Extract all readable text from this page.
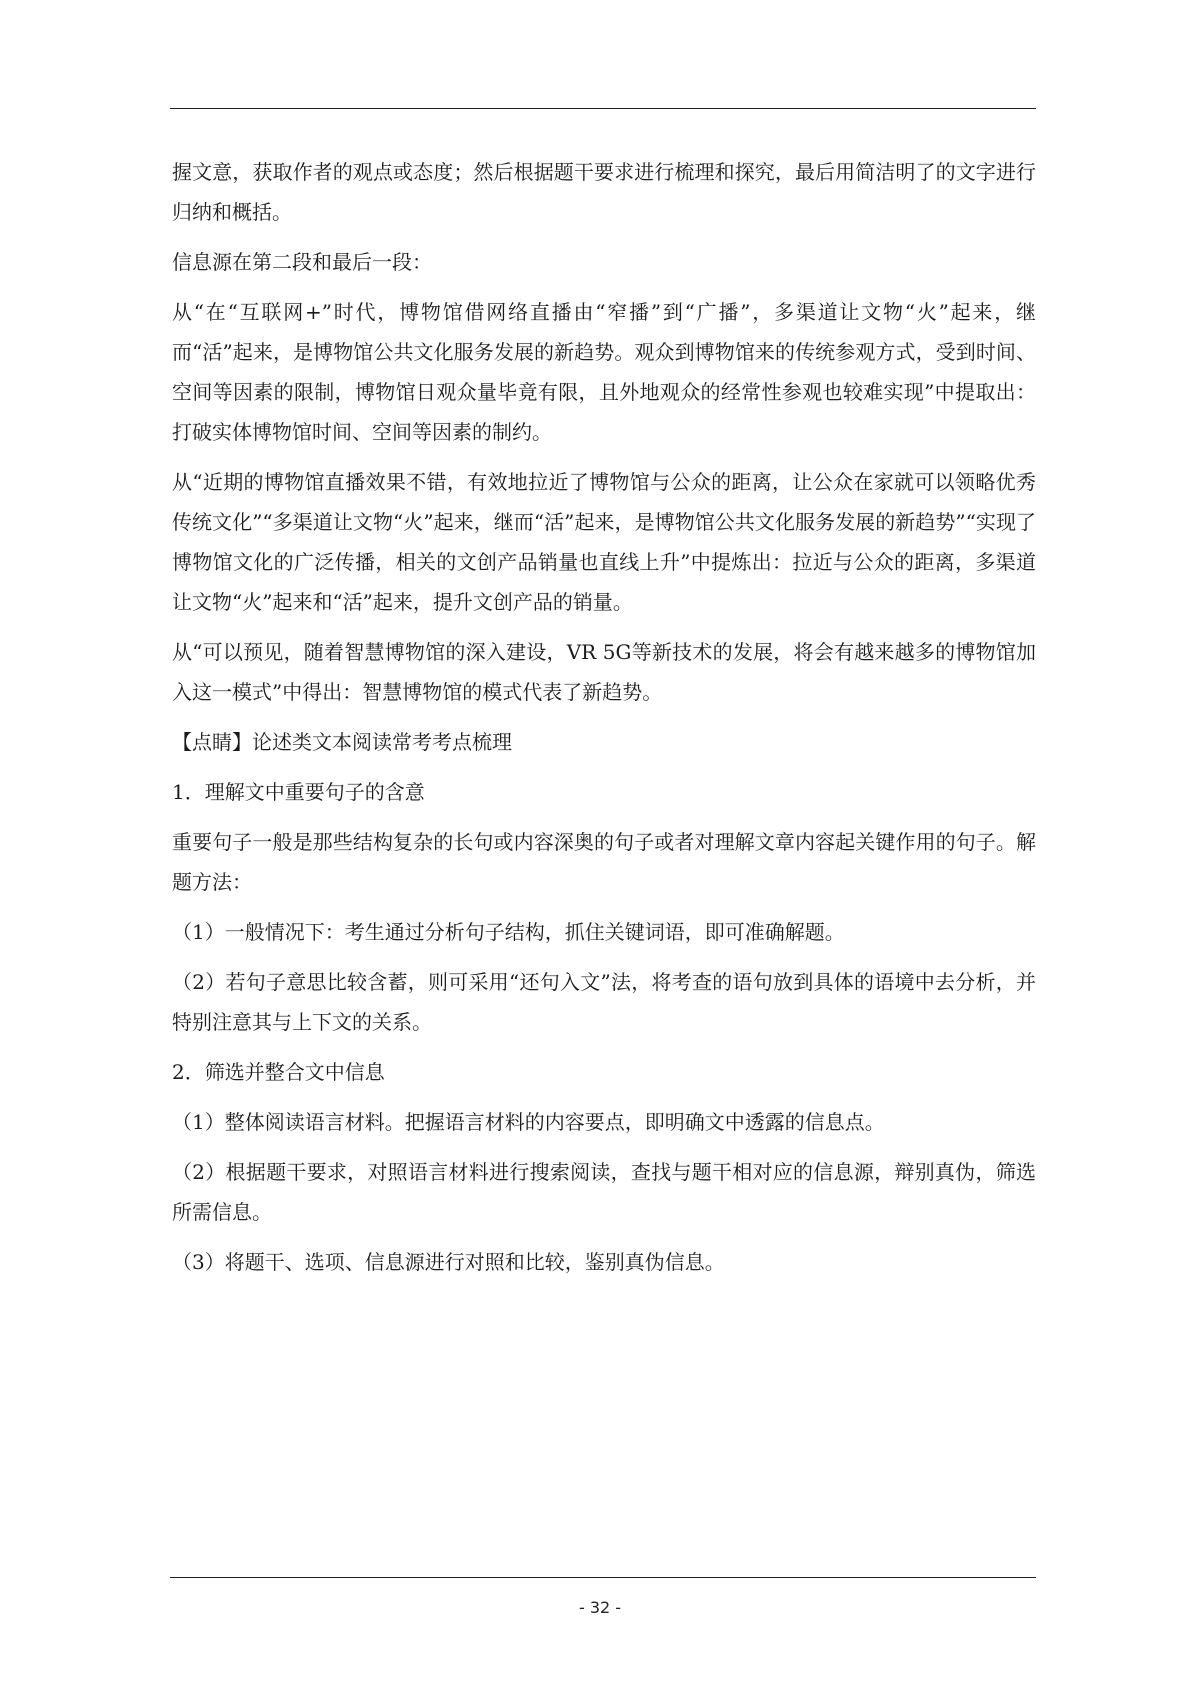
握文意，获取作者的观点或态度；然后根据题干要求进行梳理和探究，最后用简洁明了的文字进行归纳和概括。

信息源在第二段和最后一段：

从“在“互联网+”时代，博物馆借网络直播由“窄播”到“广播”，多渠道让文物“火”起来，继而“活”起来，是博物馆公共文化服务发展的新趋势。观众到博物馆来的传统参观方式，受到时间、空间等因素的限制，博物馆日观众量毕竟有限，且外地观众的经常性参观也较难实现”中提取出：打破实体博物馆时间、空间等因素的制约。

从“近期的博物馆直播效果不错，有效地拉近了博物馆与公众的距离，让公众在家就可以领略优秀传统文化”“多渠道让文物“火”起来，继而“活”起来，是博物馆公共文化服务发展的新趋势”“实现了博物馆文化的广泛传播，相关的文创产品销量也直线上升”中提炼出：拉近与公众的距离，多渠道让文物“火”起来和“活”起来，提升文创产品的销量。

从“可以预见，随着智慧博物馆的深入建设，VR 5G等新技术的发展，将会有越来越多的博物馆加入这一模式”中得出：智慧博物馆的模式代表了新趋势。

【点睛】论述类文本阅读常考考点梳理

1．理解文中重要句子的含意

重要句子一般是那些结构复杂的长句或内容深奥的句子或者对理解文章内容起关键作用的句子。解题方法：

（1）一般情况下：考生通过分析句子结构，抓住关键词语，即可准确解题。

（2）若句子意思比较含蓄，则可采用“还句入文”法，将考查的语句放到具体的语境中去分析，并特别注意其与上下文的关系。

2．筛选并整合文中信息

（1）整体阅读语言材料。把握语言材料的内容要点，即明确文中透露的信息点。

（2）根据题干要求，对照语言材料进行搜索阅读，查找与题干相对应的信息源，辩别真伪，筛选所需信息。

（3）将题干、选项、信息源进行对照和比较，鉴别真伪信息。

- 32 -
